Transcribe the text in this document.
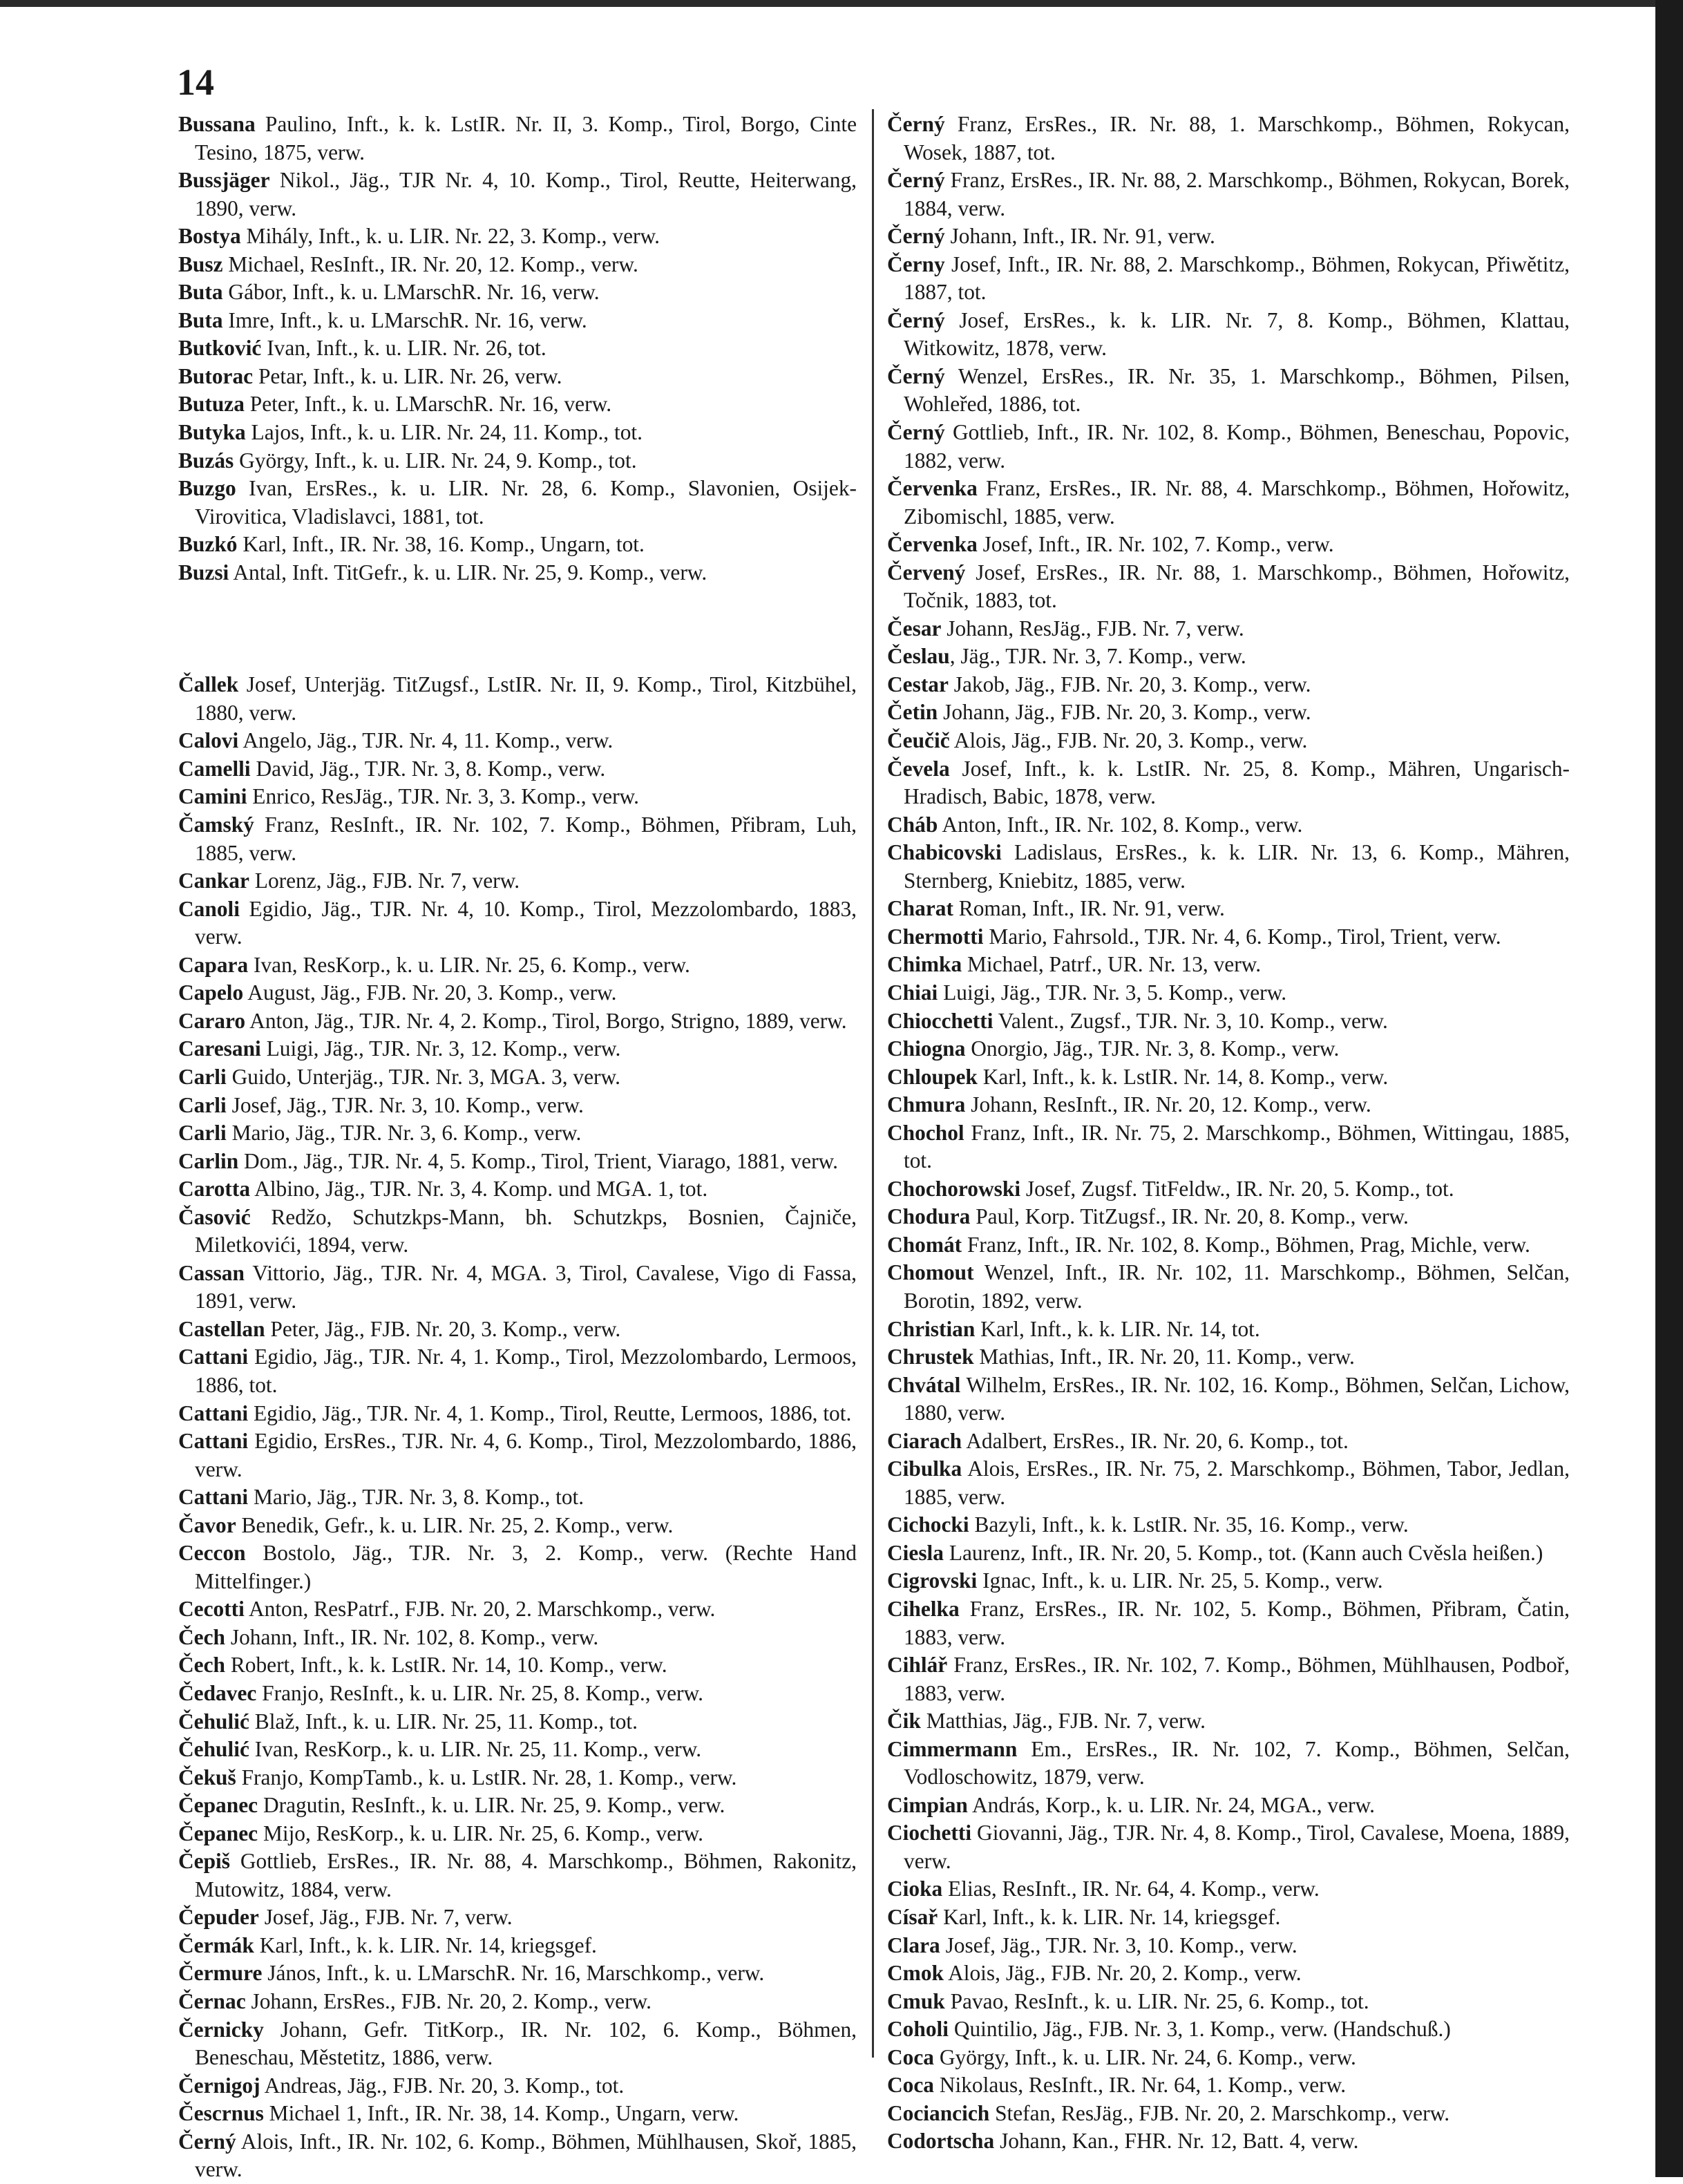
14
Bussana Paulino, Inft., k. k. LstIR. Nr. II, 3. Komp., Tirol, Borgo, Cinte Tesino, 1875, verw.
Bussjäger Nikol., Jäg., TJR Nr. 4, 10. Komp., Tirol, Reutte, Heiterwang, 1890, verw.
Bostya Mihály, Inft., k. u. LIR. Nr. 22, 3. Komp., verw.
Busz Michael, ResInft., IR. Nr. 20, 12. Komp., verw.
Buta Gábor, Inft., k. u. LMarschR. Nr. 16, verw.
Buta Imre, Inft., k. u. LMarschR. Nr. 16, verw.
Butković Ivan, Inft., k. u. LIR. Nr. 26, tot.
Butorac Petar, Inft., k. u. LIR. Nr. 26, verw.
Butuza Peter, Inft., k. u. LMarschR. Nr. 16, verw.
Butyka Lajos, Inft., k. u. LIR. Nr. 24, 11. Komp., tot.
Buzás György, Inft., k. u. LIR. Nr. 24, 9. Komp., tot.
Buzgo Ivan, ErsRes., k. u. LIR. Nr. 28, 6. Komp., Slavonien, Osijek-Virovitica, Vladislavci, 1881, tot.
Buzkó Karl, Inft., IR. Nr. 38, 16. Komp., Ungarn, tot.
Buzsi Antal, Inft. TitGefr., k. u. LIR. Nr. 25, 9. Komp., verw.
Čallek Josef, Unterjäg. TitZugsf., LstIR. Nr. II, 9. Komp., Tirol, Kitzbühel, 1880, verw.
Calovi Angelo, Jäg., TJR. Nr. 4, 11. Komp., verw.
Camelli David, Jäg., TJR. Nr. 3, 8. Komp., verw.
Camini Enrico, ResJäg., TJR. Nr. 3, 3. Komp., verw.
Čamský Franz, ResInft., IR. Nr. 102, 7. Komp., Böhmen, Přibram, Luh, 1885, verw.
Cankar Lorenz, Jäg., FJB. Nr. 7, verw.
Canoli Egidio, Jäg., TJR. Nr. 4, 10. Komp., Tirol, Mezzolombardo, 1883, verw.
Capara Ivan, ResKorp., k. u. LIR. Nr. 25, 6. Komp., verw.
Capelo August, Jäg., FJB. Nr. 20, 3. Komp., verw.
Cararo Anton, Jäg., TJR. Nr. 4, 2. Komp., Tirol, Borgo, Strigno, 1889, verw.
Caresani Luigi, Jäg., TJR. Nr. 3, 12. Komp., verw.
Carli Guido, Unterjäg., TJR. Nr. 3, MGA. 3, verw.
Carli Josef, Jäg., TJR. Nr. 3, 10. Komp., verw.
Carli Mario, Jäg., TJR. Nr. 3, 6. Komp., verw.
Carlin Dom., Jäg., TJR. Nr. 4, 5. Komp., Tirol, Trient, Viarago, 1881, verw.
Carotta Albino, Jäg., TJR. Nr. 3, 4. Komp. und MGA. 1, tot.
Časović Redžo, Schutzkps-Mann, bh. Schutzkps, Bosnien, Čajniče, Miletkovići, 1894, verw.
Cassan Vittorio, Jäg., TJR. Nr. 4, MGA. 3, Tirol, Cavalese, Vigo di Fassa, 1891, verw.
Castellan Peter, Jäg., FJB. Nr. 20, 3. Komp., verw.
Cattani Egidio, Jäg., TJR. Nr. 4, 1. Komp., Tirol, Mezzolombardo, Lermoos, 1886, tot.
Cattani Egidio, Jäg., TJR. Nr. 4, 1. Komp., Tirol, Reutte, Lermoos, 1886, tot.
Cattani Egidio, ErsRes., TJR. Nr. 4, 6. Komp., Tirol, Mezzolombardo, 1886, verw.
Cattani Mario, Jäg., TJR. Nr. 3, 8. Komp., tot.
Čavor Benedik, Gefr., k. u. LIR. Nr. 25, 2. Komp., verw.
Ceccon Bostolo, Jäg., TJR. Nr. 3, 2. Komp., verw. (Rechte Hand Mittelfinger.)
Cecotti Anton, ResPatrf., FJB. Nr. 20, 2. Marschkomp., verw.
Čech Johann, Inft., IR. Nr. 102, 8. Komp., verw.
Čech Robert, Inft., k. k. LstIR. Nr. 14, 10. Komp., verw.
Čedavec Franjo, ResInft., k. u. LIR. Nr. 25, 8. Komp., verw.
Čehulić Blaž, Inft., k. u. LIR. Nr. 25, 11. Komp., tot.
Čehulić Ivan, ResKorp., k. u. LIR. Nr. 25, 11. Komp., verw.
Čekuš Franjo, KompTamb., k. u. LstIR. Nr. 28, 1. Komp., verw.
Čepanec Dragutin, ResInft., k. u. LIR. Nr. 25, 9. Komp., verw.
Čepanec Mijo, ResKorp., k. u. LIR. Nr. 25, 6. Komp., verw.
Čepiš Gottlieb, ErsRes., IR. Nr. 88, 4. Marschkomp., Böhmen, Rakonitz, Mutowitz, 1884, verw.
Čepuder Josef, Jäg., FJB. Nr. 7, verw.
Čermák Karl, Inft., k. k. LIR. Nr. 14, kriegsgef.
Čermure János, Inft., k. u. LMarschR. Nr. 16, Marschkomp., verw.
Černac Johann, ErsRes., FJB. Nr. 20, 2. Komp., verw.
Černicky Johann, Gefr. TitKorp., IR. Nr. 102, 6. Komp., Böhmen, Beneschau, Městetitz, 1886, verw.
Černigoj Andreas, Jäg., FJB. Nr. 20, 3. Komp., tot.
Čescrnus Michael 1, Inft., IR. Nr. 38, 14. Komp., Ungarn, verw.
Černý Alois, Inft., IR. Nr. 102, 6. Komp., Böhmen, Mühlhausen, Skoř, 1885, verw.
Černý Franz, ErsRes., IR. Nr. 88, 1. Marschkomp., Böhmen, Rokycan, Wosek, 1887, tot.
Černý Franz, ErsRes., IR. Nr. 88, 2. Marschkomp., Böhmen, Rokycan, Borek, 1884, verw.
Černý Johann, Inft., IR. Nr. 91, verw.
Černy Josef, Inft., IR. Nr. 88, 2. Marschkomp., Böhmen, Rokycan, Přiwětitz, 1887, tot.
Černý Josef, ErsRes., k. k. LIR. Nr. 7, 8. Komp., Böhmen, Klattau, Witkowitz, 1878, verw.
Černý Wenzel, ErsRes., IR. Nr. 35, 1. Marschkomp., Böhmen, Pilsen, Wohleřed, 1886, tot.
Černý Gottlieb, Inft., IR. Nr. 102, 8. Komp., Böhmen, Beneschau, Popovic, 1882, verw.
Červenka Franz, ErsRes., IR. Nr. 88, 4. Marschkomp., Böhmen, Hořowitz, Zibomischl, 1885, verw.
Červenka Josef, Inft., IR. Nr. 102, 7. Komp., verw.
Červený Josef, ErsRes., IR. Nr. 88, 1. Marschkomp., Böhmen, Hořowitz, Točnik, 1883, tot.
Česar Johann, ResJäg., FJB. Nr. 7, verw.
Česlau, Jäg., TJR. Nr. 3, 7. Komp., verw.
Cestar Jakob, Jäg., FJB. Nr. 20, 3. Komp., verw.
Četin Johann, Jäg., FJB. Nr. 20, 3. Komp., verw.
Čeučič Alois, Jäg., FJB. Nr. 20, 3. Komp., verw.
Čevela Josef, Inft., k. k. LstIR. Nr. 25, 8. Komp., Mähren, Ungarisch-Hradisch, Babic, 1878, verw.
Cháb Anton, Inft., IR. Nr. 102, 8. Komp., verw.
Chabicovski Ladislaus, ErsRes., k. k. LIR. Nr. 13, 6. Komp., Mähren, Sternberg, Kniebitz, 1885, verw.
Charat Roman, Inft., IR. Nr. 91, verw.
Chermotti Mario, Fahrsold., TJR. Nr. 4, 6. Komp., Tirol, Trient, verw.
Chimka Michael, Patrf., UR. Nr. 13, verw.
Chiai Luigi, Jäg., TJR. Nr. 3, 5. Komp., verw.
Chiocchetti Valent., Zugsf., TJR. Nr. 3, 10. Komp., verw.
Chiogna Onorgio, Jäg., TJR. Nr. 3, 8. Komp., verw.
Chloupek Karl, Inft., k. k. LstIR. Nr. 14, 8. Komp., verw.
Chmura Johann, ResInft., IR. Nr. 20, 12. Komp., verw.
Chochol Franz, Inft., IR. Nr. 75, 2. Marschkomp., Böhmen, Wittingau, 1885, tot.
Chochorowski Josef, Zugsf. TitFeldw., IR. Nr. 20, 5. Komp., tot.
Chodura Paul, Korp. TitZugsf., IR. Nr. 20, 8. Komp., verw.
Chomát Franz, Inft., IR. Nr. 102, 8. Komp., Böhmen, Prag, Michle, verw.
Chomout Wenzel, Inft., IR. Nr. 102, 11. Marschkomp., Böhmen, Selčan, Borotin, 1892, verw.
Christian Karl, Inft., k. k. LIR. Nr. 14, tot.
Chrustek Mathias, Inft., IR. Nr. 20, 11. Komp., verw.
Chvátal Wilhelm, ErsRes., IR. Nr. 102, 16. Komp., Böhmen, Selčan, Lichow, 1880, verw.
Ciarach Adalbert, ErsRes., IR. Nr. 20, 6. Komp., tot.
Cibulka Alois, ErsRes., IR. Nr. 75, 2. Marschkomp., Böhmen, Tabor, Jedlan, 1885, verw.
Cichocki Bazyli, Inft., k. k. LstIR. Nr. 35, 16. Komp., verw.
Ciesla Laurenz, Inft., IR. Nr. 20, 5. Komp., tot. (Kann auch Cvěsla heißen.)
Cigrovski Ignac, Inft., k. u. LIR. Nr. 25, 5. Komp., verw.
Cihelka Franz, ErsRes., IR. Nr. 102, 5. Komp., Böhmen, Přibram, Čatin, 1883, verw.
Cihlář Franz, ErsRes., IR. Nr. 102, 7. Komp., Böhmen, Mühlhausen, Podboř, 1883, verw.
Čik Matthias, Jäg., FJB. Nr. 7, verw.
Cimmermann Em., ErsRes., IR. Nr. 102, 7. Komp., Böhmen, Selčan, Vodloschowitz, 1879, verw.
Cimpian András, Korp., k. u. LIR. Nr. 24, MGA., verw.
Ciochetti Giovanni, Jäg., TJR. Nr. 4, 8. Komp., Tirol, Cavalese, Moena, 1889, verw.
Cioka Elias, ResInft., IR. Nr. 64, 4. Komp., verw.
Císař Karl, Inft., k. k. LIR. Nr. 14, kriegsgef.
Clara Josef, Jäg., TJR. Nr. 3, 10. Komp., verw.
Cmok Alois, Jäg., FJB. Nr. 20, 2. Komp., verw.
Cmuk Pavao, ResInft., k. u. LIR. Nr. 25, 6. Komp., tot.
Coholi Quintilio, Jäg., FJB. Nr. 3, 1. Komp., verw. (Handschuß.)
Coca György, Inft., k. u. LIR. Nr. 24, 6. Komp., verw.
Coca Nikolaus, ResInft., IR. Nr. 64, 1. Komp., verw.
Cociancich Stefan, ResJäg., FJB. Nr. 20, 2. Marschkomp., verw.
Codortscha Johann, Kan., FHR. Nr. 12, Batt. 4, verw.
